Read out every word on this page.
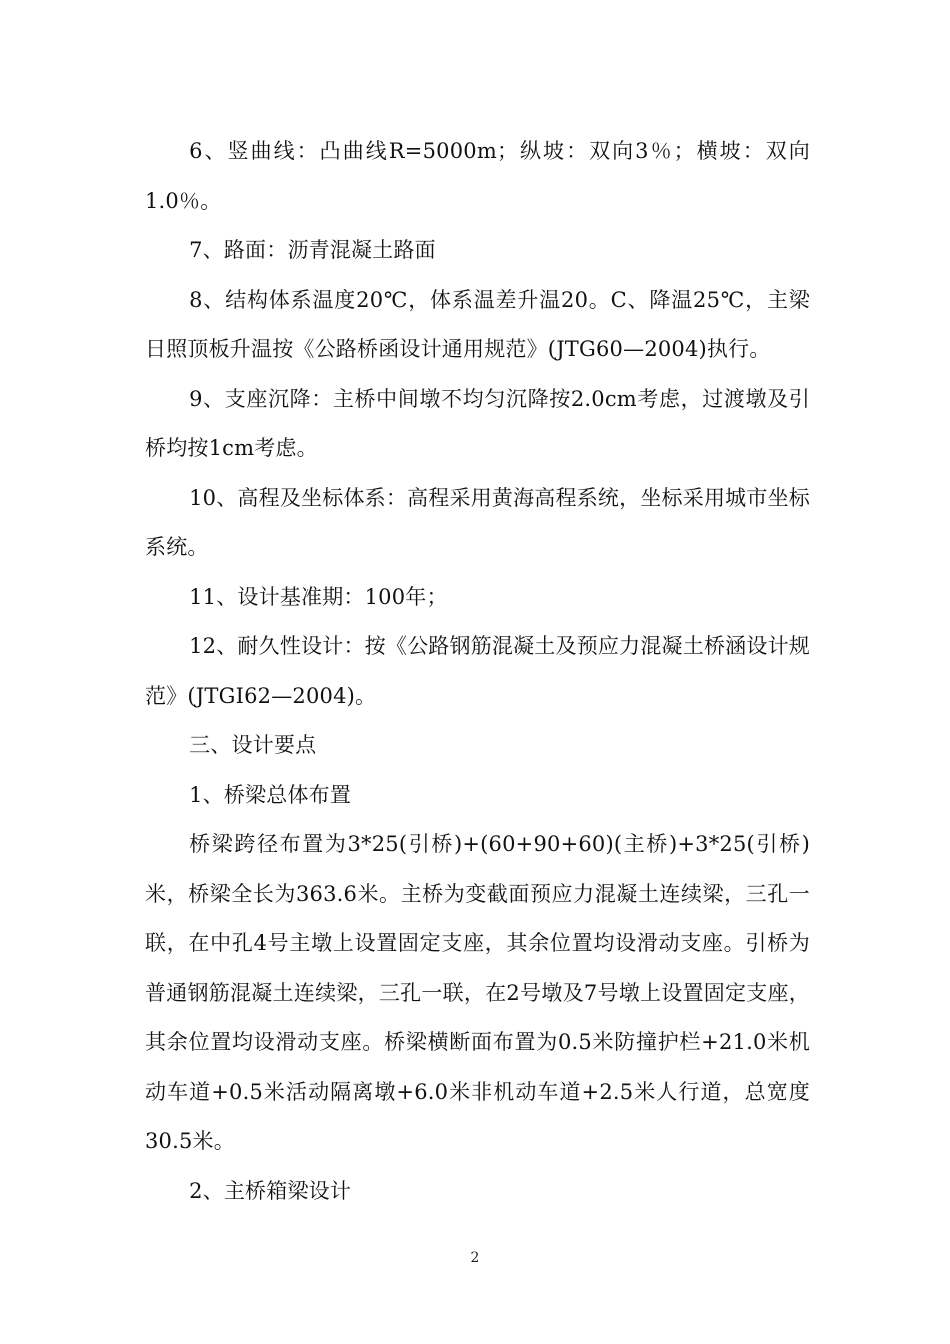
6、竖曲线：凸曲线R=5000m；纵坡：双向3％；横坡：双向1.0％。

7、路面：沥青混凝土路面

8、结构体系温度20℃，体系温差升温20。C、降温25℃，主梁日照顶板升温按《公路桥函设计通用规范》(JTG60—2004)执行。

9、支座沉降：主桥中间墩不均匀沉降按2.0cm考虑，过渡墩及引桥均按1cm考虑。

10、高程及坐标体系：高程采用黄海高程系统，坐标采用城市坐标系统。

11、设计基准期：100年；

12、耐久性设计：按《公路钢筋混凝土及预应力混凝土桥涵设计规范》(JTGI62—2004)。

三、设计要点

1、桥梁总体布置

桥梁跨径布置为3*25(引桥)+(60+90+60)(主桥)+3*25(引桥)米，桥梁全长为363.6米。主桥为变截面预应力混凝土连续梁，三孔一联，在中孔4号主墩上设置固定支座，其余位置均设滑动支座。引桥为普通钢筋混凝土连续梁，三孔一联，在2号墩及7号墩上设置固定支座，其余位置均设滑动支座。桥梁横断面布置为0.5米防撞护栏+21.0米机动车道+0.5米活动隔离墩+6.0米非机动车道+2.5米人行道，总宽度30.5米。

2、主桥箱梁设计

2
